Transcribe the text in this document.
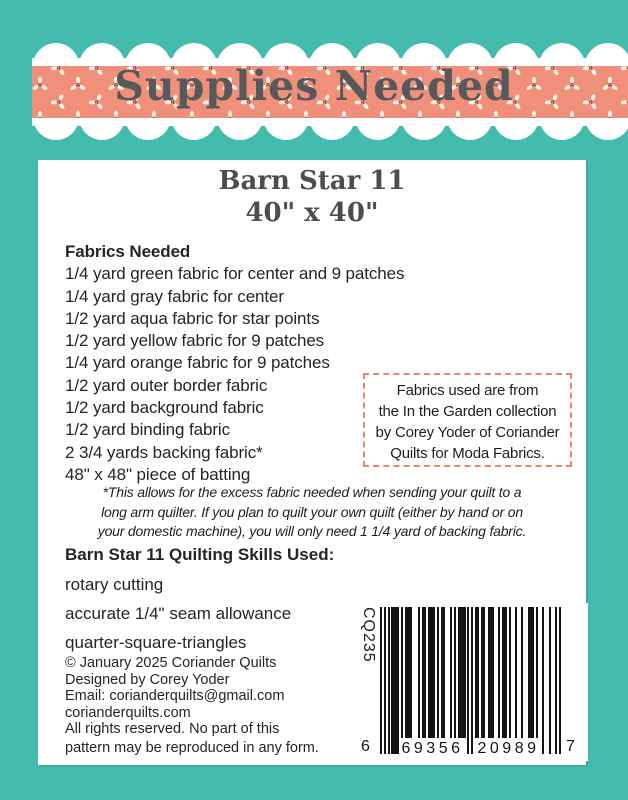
Supplies Needed
Barn Star 11
40" x 40"
Fabrics Needed
1/4 yard green fabric for center and 9 patches
1/4 yard gray fabric for center
1/2 yard aqua fabric for star points
1/2 yard yellow fabric for 9 patches
1/4 yard orange fabric for 9 patches
1/2 yard outer border fabric
1/2 yard background fabric
1/2 yard binding fabric
2 3/4 yards backing fabric*
48" x 48" piece of batting
Fabrics used are from
the In the Garden collection
by Corey Yoder of Coriander
Quilts for Moda Fabrics.
*This allows for the excess fabric needed when sending your quilt to a
long arm quilter. If you plan to quilt your own quilt (either by hand or on
your domestic machine), you will only need 1 1/4 yard of backing fabric.
Barn Star 11 Quilting Skills Used:
rotary cutting
accurate 1/4" seam allowance
quarter-square-triangles
© January 2025 Coriander Quilts
Designed by Corey Yoder
Email: corianderquilts@gmail.com
corianderquilts.com
All rights reserved. No part of this
pattern may be reproduced in any form.
CQ235
6 69356 20989 7
